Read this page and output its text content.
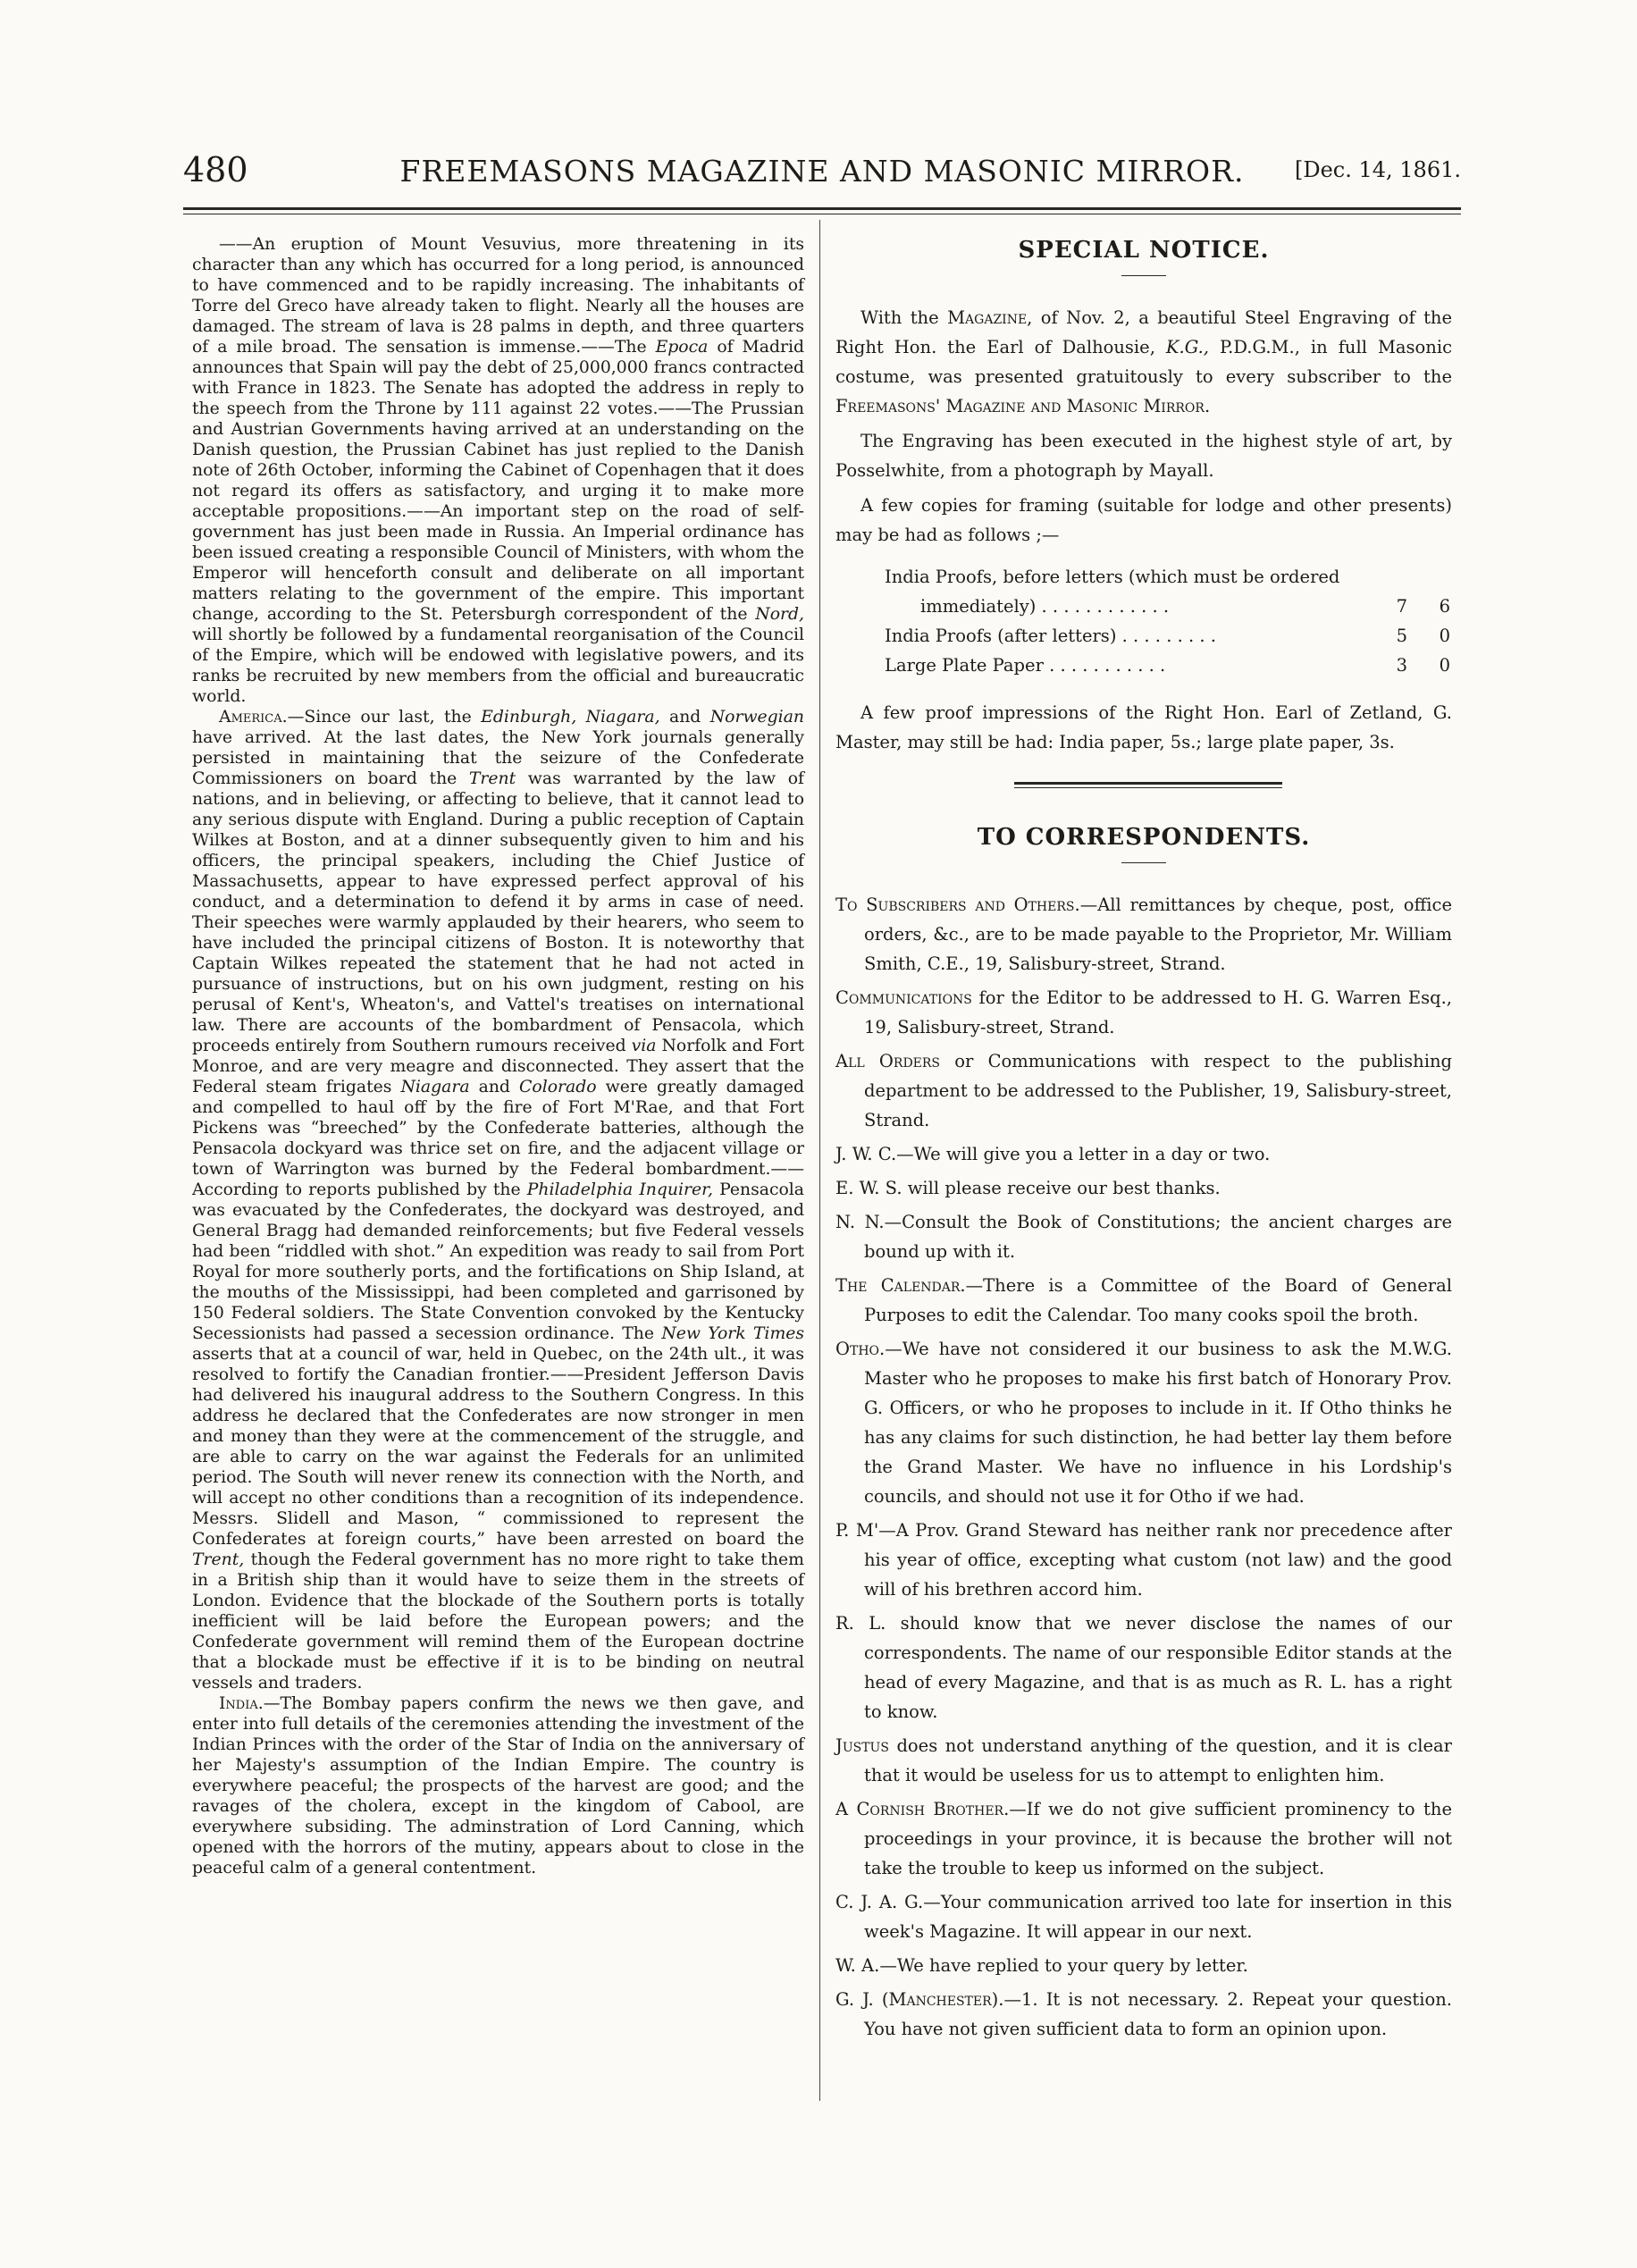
480	FREEMASONS MAGAZINE AND MASONIC MIRROR.	[Dec. 14, 1861.

——An eruption of Mount Vesuvius, more threatening in its character than any which has occurred for a long period, is announced to have commenced and to be rapidly increasing. The inhabitants of Torre del Greco have already taken to flight. Nearly all the houses are damaged. The stream of lava is 28 palms in depth, and three quarters of a mile broad. The sensation is immense.——The Epoca of Madrid announces that Spain will pay the debt of 25,000,000 francs contracted with France in 1823. The Senate has adopted the address in reply to the speech from the Throne by 111 against 22 votes.——The Prussian and Austrian Governments having arrived at an understanding on the Danish question, the Prussian Cabinet has just replied to the Danish note of 26th October, informing the Cabinet of Copenhagen that it does not regard its offers as satisfactory, and urging it to make more acceptable propositions.——An important step on the road of self-government has just been made in Russia. An Imperial ordinance has been issued creating a responsible Council of Ministers, with whom the Emperor will henceforth consult and deliberate on all important matters relating to the government of the empire. This important change, according to the St. Petersburgh correspondent of the Nord, will shortly be followed by a fundamental reorganisation of the Council of the Empire, which will be endowed with legislative powers, and its ranks be recruited by new members from the official and bureaucratic world.

America.—Since our last, the Edinburgh, Niagara, and Norwegian have arrived. At the last dates, the New York journals generally persisted in maintaining that the seizure of the Confederate Commissioners on board the Trent was warranted by the law of nations, and in believing, or affecting to believe, that it cannot lead to any serious dispute with England. During a public reception of Captain Wilkes at Boston, and at a dinner subsequently given to him and his officers, the principal speakers, including the Chief Justice of Massachusetts, appear to have expressed perfect approval of his conduct, and a determination to defend it by arms in case of need. Their speeches were warmly applauded by their hearers, who seem to have included the principal citizens of Boston. It is noteworthy that Captain Wilkes repeated the statement that he had not acted in pursuance of instructions, but on his own judgment, resting on his perusal of Kent's, Wheaton's, and Vattel's treatises on international law. There are accounts of the bombardment of Pensacola, which proceeds entirely from Southern rumours received via Norfolk and Fort Monroe, and are very meagre and disconnected. They assert that the Federal steam frigates Niagara and Colorado were greatly damaged and compelled to haul off by the fire of Fort M'Rae, and that Fort Pickens was “breeched” by the Confederate batteries, although the Pensacola dockyard was thrice set on fire, and the adjacent village or town of Warrington was burned by the Federal bombardment.——According to reports published by the Philadelphia Inquirer, Pensacola was evacuated by the Confederates, the dockyard was destroyed, and General Bragg had demanded reinforcements; but five Federal vessels had been “riddled with shot.” An expedition was ready to sail from Port Royal for more southerly ports, and the fortifications on Ship Island, at the mouths of the Mississippi, had been completed and garrisoned by 150 Federal soldiers. The State Convention convoked by the Kentucky Secessionists had passed a secession ordinance. The New York Times asserts that at a council of war, held in Quebec, on the 24th ult., it was resolved to fortify the Canadian frontier.——President Jefferson Davis had delivered his inaugural address to the Southern Congress. In this address he declared that the Confederates are now stronger in men and money than they were at the commencement of the struggle, and are able to carry on the war against the Federals for an unlimited period. The South will never renew its connection with the North, and will accept no other conditions than a recognition of its independence. Messrs. Slidell and Mason, “ commissioned to represent the Confederates at foreign courts,” have been arrested on board the Trent, though the Federal government has no more right to take them in a British ship than it would have to seize them in the streets of London. Evidence that the blockade of the Southern ports is totally inefficient will be laid before the European powers; and the Confederate government will remind them of the European doctrine that a blockade must be effective if it is to be binding on neutral vessels and traders.

India.—The Bombay papers confirm the news we then gave, and enter into full details of the ceremonies attending the investment of the Indian Princes with the order of the Star of India on the anniversary of her Majesty's assumption of the Indian Empire. The country is everywhere peaceful; the prospects of the harvest are good; and the ravages of the cholera, except in the kingdom of Cabool, are everywhere subsiding. The adminstration of Lord Canning, which opened with the horrors of the mutiny, appears about to close in the peaceful calm of a general contentment.

SPECIAL NOTICE.

With the Magazine, of Nov. 2, a beautiful Steel Engraving of the Right Hon. the Earl of Dalhousie, K.G., P.D.G.M., in full Masonic costume, was presented gratuitously to every subscriber to the Freemasons' Magazine and Masonic Mirror.

The Engraving has been executed in the highest style of art, by Posselwhite, from a photograph by Mayall.

A few copies for framing (suitable for lodge and other presents) may be had as follows ;—

India Proofs, before letters (which must be ordered
immediately) . . . . . . . . . . . .	7 6
India Proofs (after letters) . . . . . . . . .	5 0
Large Plate Paper . . . . . . . . . . .	3 0

A few proof impressions of the Right Hon. Earl of Zetland, G. Master, may still be had: India paper, 5s.; large plate paper, 3s.

TO CORRESPONDENTS.

To Subscribers and Others.—All remittances by cheque, post, office orders, &c., are to be made payable to the Proprietor, Mr. William Smith, C.E., 19, Salisbury-street, Strand.

Communications for the Editor to be addressed to H. G. Warren Esq., 19, Salisbury-street, Strand.

All Orders or Communications with respect to the publishing department to be addressed to the Publisher, 19, Salisbury-street, Strand.

J. W. C.—We will give you a letter in a day or two.

E. W. S. will please receive our best thanks.

N. N.—Consult the Book of Constitutions; the ancient charges are bound up with it.

The Calendar.—There is a Committee of the Board of General Purposes to edit the Calendar. Too many cooks spoil the broth.

Otho.—We have not considered it our business to ask the M.W.G. Master who he proposes to make his first batch of Honorary Prov. G. Officers, or who he proposes to include in it. If Otho thinks he has any claims for such distinction, he had better lay them before the Grand Master. We have no influence in his Lordship's councils, and should not use it for Otho if we had.

P. M'—A Prov. Grand Steward has neither rank nor precedence after his year of office, excepting what custom (not law) and the good will of his brethren accord him.

R. L. should know that we never disclose the names of our correspondents. The name of our responsible Editor stands at the head of every Magazine, and that is as much as R. L. has a right to know.

Justus does not understand anything of the question, and it is clear that it would be useless for us to attempt to enlighten him.

A Cornish Brother.—If we do not give sufficient prominency to the proceedings in your province, it is because the brother will not take the trouble to keep us informed on the subject.

C. J. A. G.—Your communication arrived too late for insertion in this week's Magazine. It will appear in our next.

W. A.—We have replied to your query by letter.

G. J. (Manchester).—1. It is not necessary. 2. Repeat your question. You have not given sufficient data to form an opinion upon.
